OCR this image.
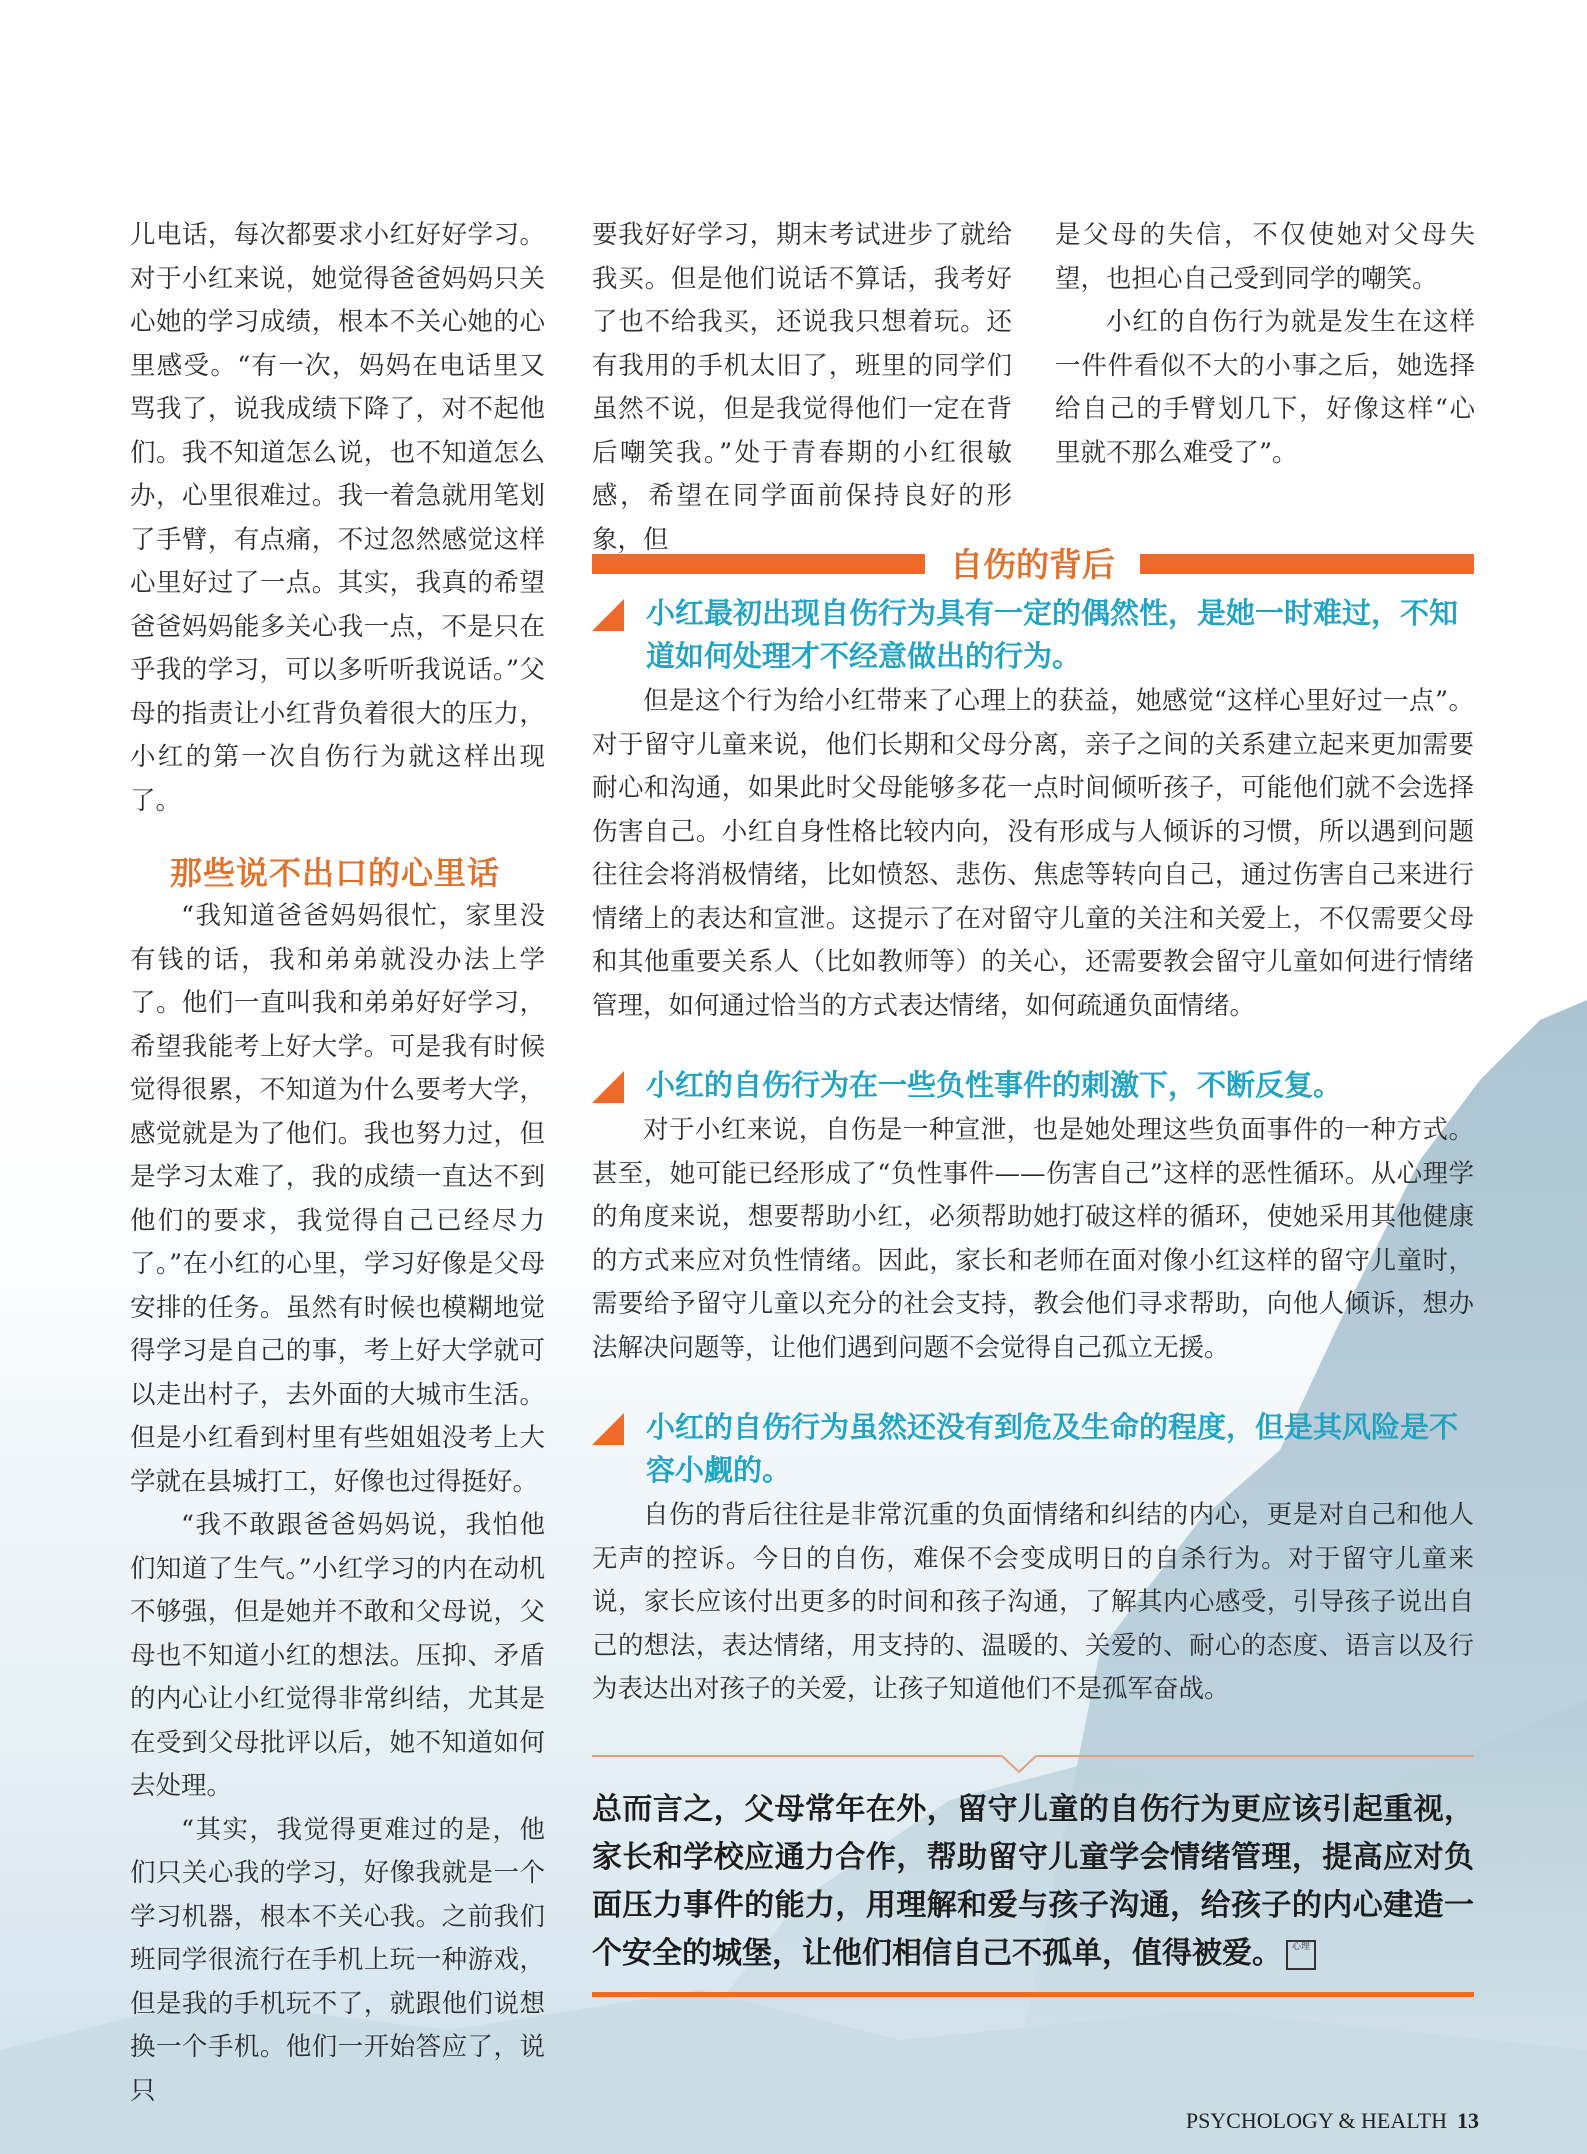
儿电话，每次都要求小红好好学习。对于小红来说，她觉得爸爸妈妈只关心她的学习成绩，根本不关心她的心里感受。“有一次，妈妈在电话里又骂我了，说我成绩下降了，对不起他们。我不知道怎么说，也不知道怎么办，心里很难过。我一着急就用笔划了手臂，有点痛，不过忽然感觉这样心里好过了一点。其实，我真的希望爸爸妈妈能多关心我一点，不是只在乎我的学习，可以多听听我说话。”父母的指责让小红背负着很大的压力，小红的第一次自伤行为就这样出现了。

那些说不出口的心里话

“我知道爸爸妈妈很忙，家里没有钱的话，我和弟弟就没办法上学了。他们一直叫我和弟弟好好学习，希望我能考上好大学。可是我有时候觉得很累，不知道为什么要考大学，感觉就是为了他们。我也努力过，但是学习太难了，我的成绩一直达不到他们的要求，我觉得自己已经尽力了。”在小红的心里，学习好像是父母安排的任务。虽然有时候也模糊地觉得学习是自己的事，考上好大学就可以走出村子，去外面的大城市生活。但是小红看到村里有些姐姐没考上大学就在县城打工，好像也过得挺好。

“我不敢跟爸爸妈妈说，我怕他们知道了生气。”小红学习的内在动机不够强，但是她并不敢和父母说，父母也不知道小红的想法。压抑、矛盾的内心让小红觉得非常纠结，尤其是在受到父母批评以后，她不知道如何去处理。

“其实，我觉得更难过的是，他们只关心我的学习，好像我就是一个学习机器，根本不关心我。之前我们班同学很流行在手机上玩一种游戏，但是我的手机玩不了，就跟他们说想换一个手机。他们一开始答应了，说只

要我好好学习，期末考试进步了就给我买。但是他们说话不算话，我考好了也不给我买，还说我只想着玩。还有我用的手机太旧了，班里的同学们虽然不说，但是我觉得他们一定在背后嘲笑我。”处于青春期的小红很敏感，希望在同学面前保持良好的形象，但

是父母的失信，不仅使她对父母失望，也担心自己受到同学的嘲笑。

小红的自伤行为就是发生在这样一件件看似不大的小事之后，她选择给自己的手臂划几下，好像这样“心里就不那么难受了”。

自伤的背后
小红最初出现自伤行为具有一定的偶然性，是她一时难过，不知道如何处理才不经意做出的行为。
但是这个行为给小红带来了心理上的获益，她感觉“这样心里好过一点”。对于留守儿童来说，他们长期和父母分离，亲子之间的关系建立起来更加需要耐心和沟通，如果此时父母能够多花一点时间倾听孩子，可能他们就不会选择伤害自己。小红自身性格比较内向，没有形成与人倾诉的习惯，所以遇到问题往往会将消极情绪，比如愤怒、悲伤、焦虑等转向自己，通过伤害自己来进行情绪上的表达和宣泄。这提示了在对留守儿童的关注和关爱上，不仅需要父母和其他重要关系人（比如教师等）的关心，还需要教会留守儿童如何进行情绪管理，如何通过恰当的方式表达情绪，如何疏通负面情绪。
小红的自伤行为在一些负性事件的刺激下，不断反复。
对于小红来说，自伤是一种宣泄，也是她处理这些负面事件的一种方式。甚至，她可能已经形成了“负性事件——伤害自己”这样的恶性循环。从心理学的角度来说，想要帮助小红，必须帮助她打破这样的循环，使她采用其他健康的方式来应对负性情绪。因此，家长和老师在面对像小红这样的留守儿童时，需要给予留守儿童以充分的社会支持，教会他们寻求帮助，向他人倾诉，想办法解决问题等，让他们遇到问题不会觉得自己孤立无援。
小红的自伤行为虽然还没有到危及生命的程度，但是其风险是不容小觑的。
自伤的背后往往是非常沉重的负面情绪和纠结的内心，更是对自己和他人无声的控诉。今日的自伤，难保不会变成明日的自杀行为。对于留守儿童来说，家长应该付出更多的时间和孩子沟通，了解其内心感受，引导孩子说出自己的想法，表达情绪，用支持的、温暖的、关爱的、耐心的态度、语言以及行为表达出对孩子的关爱，让孩子知道他们不是孤军奋战。
总而言之，父母常年在外，留守儿童的自伤行为更应该引起重视，家长和学校应通力合作，帮助留守儿童学会情绪管理，提高应对负面压力事件的能力，用理解和爱与孩子沟通，给孩子的内心建造一个安全的城堡，让他们相信自己不孤单，值得被爱。 心理
PSYCHOLOGY & HEALTH 13
